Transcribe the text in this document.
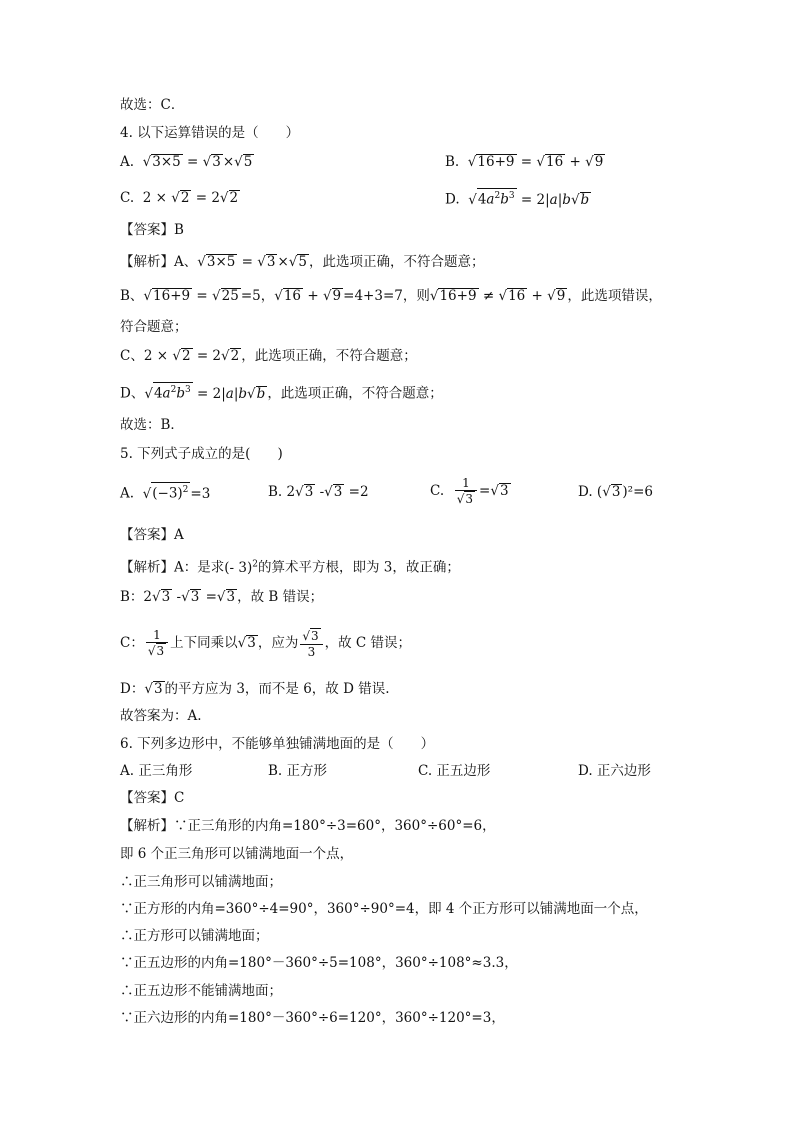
故选：C．
4. 以下运算错误的是（　　）
A.  √ 3×5 = √ 3 ×√ 5	B.  √ 16+9 = √ 16 + √ 9
C.  2 × √ 2 = 2√ 2	D.  √ $4a^2b^3 = 2|a|b√$ b
【答案】B
【解析】A、√ 3×5 = √ 3 ×√ 5 ，此选项正确，不符合题意；
B、√ 16+9 = √ 25 =5，√ 16 + √ 9 =4+3=7，则√ 16+9 ≠ √ 16 + √ 9 ，此选项错误，
符合题意；
C、2 × √ 2 = 2√ 2 ，此选项正确，不符合题意；
D、√ $4a^2b^3 = 2|a|b√$ b ，此选项正确，不符合题意；
故选：B．
5. 下列式子成立的是(　　)
A.  √ $(-3)^2 =3$	B. 2√ 3 -√ 3 =2	C. 1
√ 3 =√ 3	D. (√ 3 )²=6
【答案】A
【解析】A：是求(- 3)$^2$的算术平方根，即为 3，故正确；
B：2√ 3 -√ 3 =√ 3 ，故 B 错误；
C： 1
√ 3 上下同乘以√ 3 ，应为
√ $\frac{3}{3}$ ，故 C 错误；
D：√ 3 的平方应为 3，而不是 6，故 D 错误.
故答案为：A.
6. 下列多边形中，不能够单独铺满地面的是（　　）
A. 正三角形	B. 正方形	C. 正五边形	D. 正六边形
【答案】C
【解析】∵正三角形的内角=180°÷3=60°，360°÷60°=6，
即 6 个正三角形可以铺满地面一个点，
∴正三角形可以铺满地面；
∵正方形的内角=360°÷4=90°，360°÷90°=4，即 4 个正方形可以铺满地面一个点，
∴正方形可以铺满地面；
∵正五边形的内角=180°－360°÷5=108°，360°÷108°≈3.3，
∴正五边形不能铺满地面；
∵正六边形的内角=180°－360°÷6=120°，360°÷120°=3，
